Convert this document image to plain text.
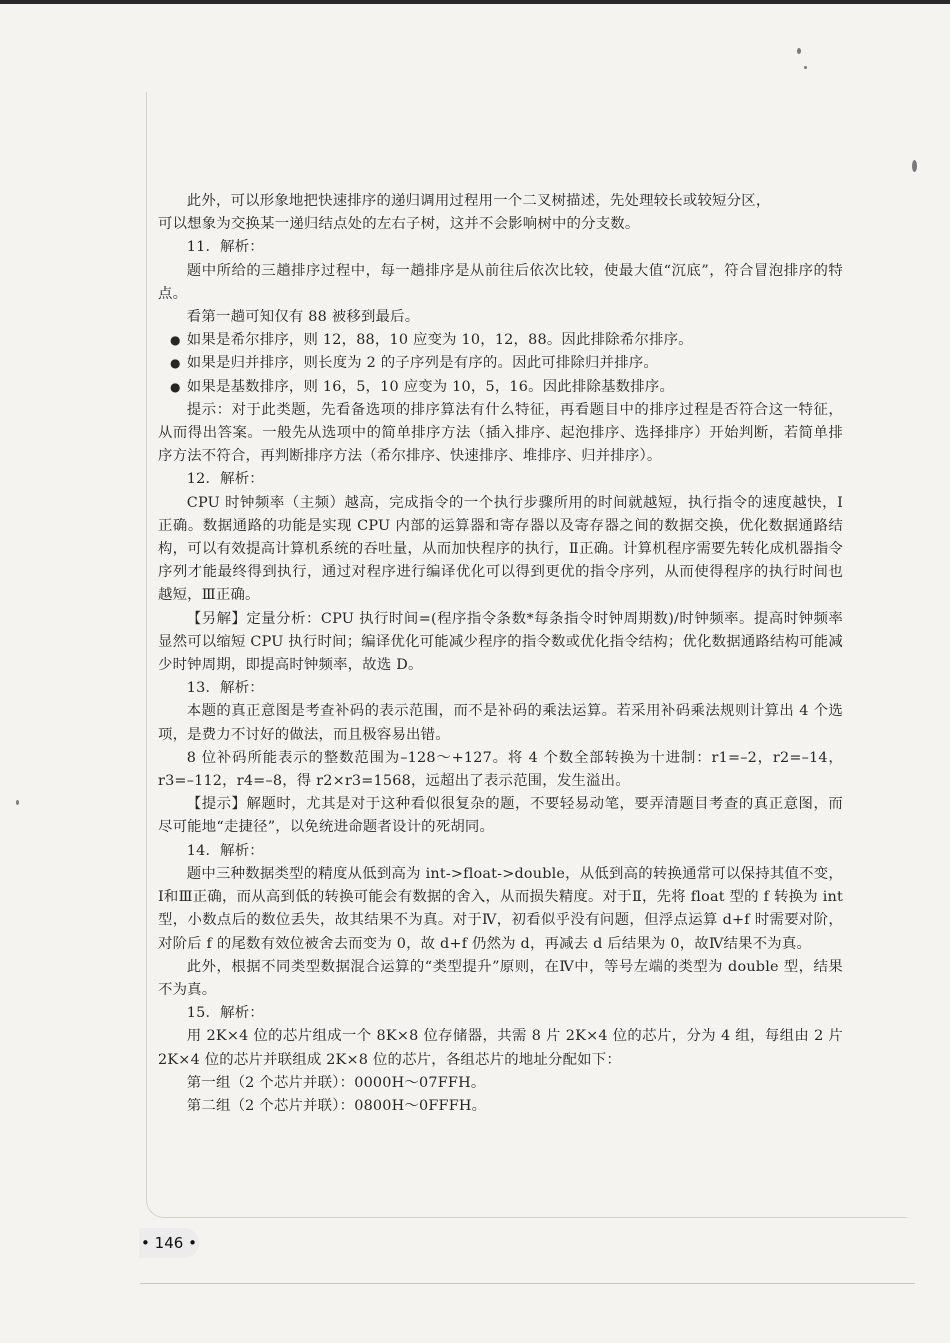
此外，可以形象地把快速排序的递归调用过程用一个二叉树描述，先处理较长或较短分区，

可以想象为交换某一递归结点处的左右子树，这并不会影响树中的分支数。

11．解析：

题中所给的三趟排序过程中，每一趟排序是从前往后依次比较，使最大值“沉底”，符合冒泡排序的特点。

看第一趟可知仅有 88 被移到最后。

● 如果是希尔排序，则 12，88，10 应变为 10，12，88。因此排除希尔排序。

● 如果是归并排序，则长度为 2 的子序列是有序的。因此可排除归并排序。

● 如果是基数排序，则 16，5，10 应变为 10，5，16。因此排除基数排序。

提示：对于此类题，先看备选项的排序算法有什么特征，再看题目中的排序过程是否符合这一特征，从而得出答案。一般先从选项中的简单排序方法（插入排序、起泡排序、选择排序）开始判断，若简单排序方法不符合，再判断排序方法（希尔排序、快速排序、堆排序、归并排序）。

12．解析：

CPU 时钟频率（主频）越高，完成指令的一个执行步骤所用的时间就越短，执行指令的速度越快，Ⅰ正确。数据通路的功能是实现 CPU 内部的运算器和寄存器以及寄存器之间的数据交换，优化数据通路结构，可以有效提高计算机系统的吞吐量，从而加快程序的执行，Ⅱ正确。计算机程序需要先转化成机器指令序列才能最终得到执行，通过对程序进行编译优化可以得到更优的指令序列，从而使得程序的执行时间也越短，Ⅲ正确。

【另解】定量分析：CPU 执行时间=(程序指令条数*每条指令时钟周期数)/时钟频率。提高时钟频率显然可以缩短 CPU 执行时间；编译优化可能减少程序的指令数或优化指令结构；优化数据通路结构可能减少时钟周期，即提高时钟频率，故选 D。

13．解析：

本题的真正意图是考查补码的表示范围，而不是补码的乘法运算。若采用补码乘法规则计算出 4 个选项，是费力不讨好的做法，而且极容易出错。

8 位补码所能表示的整数范围为–128～+127。将 4 个数全部转换为十进制：r1=–2，r2=–14，r3=–112，r4=–8，得 r2×r3=1568，远超出了表示范围，发生溢出。

【提示】解题时，尤其是对于这种看似很复杂的题，不要轻易动笔，要弄清题目考查的真正意图，而尽可能地“走捷径”，以免统进命题者设计的死胡同。

14．解析：

题中三种数据类型的精度从低到高为 int->float->double，从低到高的转换通常可以保持其值不变，Ⅰ和Ⅲ正确，而从高到低的转换可能会有数据的舍入，从而损失精度。对于Ⅱ，先将 float 型的 f 转换为 int 型，小数点后的数位丢失，故其结果不为真。对于Ⅳ，初看似乎没有问题，但浮点运算 d+f 时需要对阶，对阶后 f 的尾数有效位被舍去而变为 0，故 d+f 仍然为 d，再减去 d 后结果为 0，故Ⅳ结果不为真。

此外，根据不同类型数据混合运算的“类型提升”原则，在Ⅳ中，等号左端的类型为 double 型，结果不为真。

15．解析：

用 2K×4 位的芯片组成一个 8K×8 位存储器，共需 8 片 2K×4 位的芯片，分为 4 组，每组由 2 片 2K×4 位的芯片并联组成 2K×8 位的芯片，各组芯片的地址分配如下：

第一组（2 个芯片并联）：0000H～07FFH。

第二组（2 个芯片并联）：0800H～0FFFH。

• 146 •
